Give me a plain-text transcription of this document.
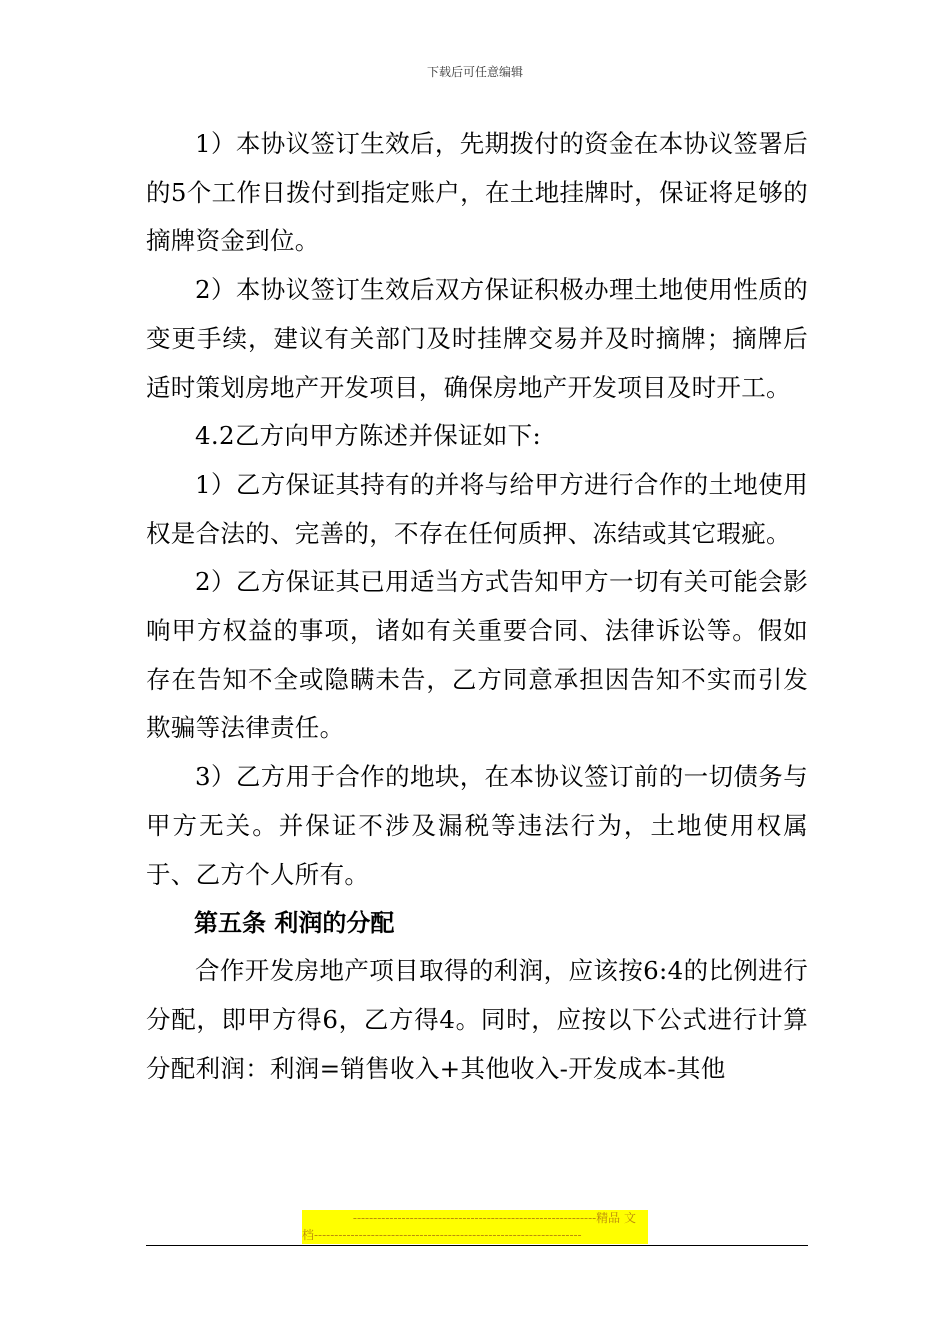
下载后可任意编辑

1）本协议签订生效后，先期拨付的资金在本协议签署后的5个工作日拨付到指定账户，在土地挂牌时，保证将足够的摘牌资金到位。

2）本协议签订生效后双方保证积极办理土地使用性质的变更手续，建议有关部门及时挂牌交易并及时摘牌；摘牌后适时策划房地产开发项目，确保房地产开发项目及时开工。

4.2乙方向甲方陈述并保证如下:

1）乙方保证其持有的并将与给甲方进行合作的土地使用权是合法的、完善的，不存在任何质押、冻结或其它瑕疵。

2）乙方保证其已用适当方式告知甲方一切有关可能会影响甲方权益的事项，诸如有关重要合同、法律诉讼等。假如存在告知不全或隐瞒未告，乙方同意承担因告知不实而引发欺骗等法律责任。

3）乙方用于合作的地块，在本协议签订前的一切债务与甲方无关。并保证不涉及漏税等违法行为，土地使用权属于、乙方个人所有。

第五条 利润的分配

合作开发房地产项目取得的利润，应该按6:4的比例进行分配，即甲方得6，乙方得4。同时，应按以下公式进行计算分配利润：利润=销售收入+其他收入-开发成本-其他

------------------------------------------------------------精品 文
档------------------------------------------------------------------
